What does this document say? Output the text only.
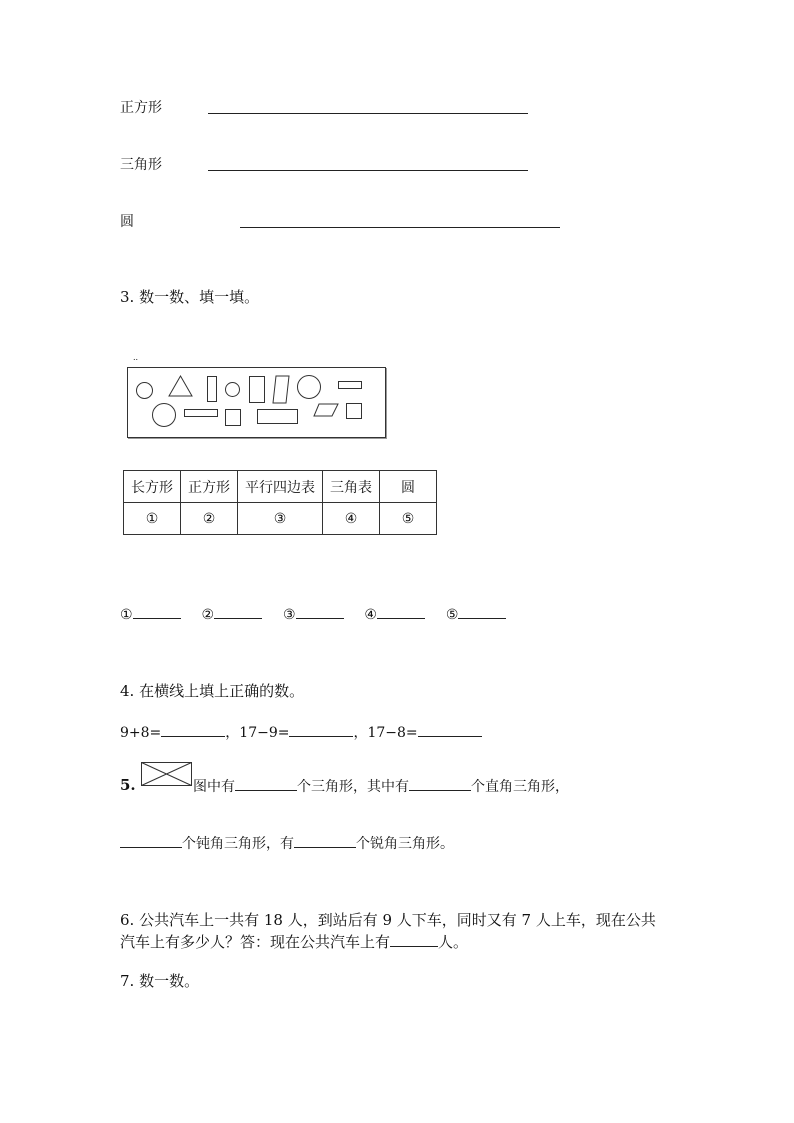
正方形
三角形
圆
3. 数一数、填一填。
..
长方形	正方形	平行四边表	三角表	圆
①	②	③	④	⑤
①	②	③	④	⑤
4. 在横线上填上正确的数。
9+8=	，17−9=	，17−8=
5.	图中有	个三角形，其中有	个直角三角形，
个钝角三角形，有	个锐角三角形。
6. 公共汽车上一共有 18 人，到站后有 9 人下车，同时又有 7 人上车，现在公共
汽车上有多少人？答：现在公共汽车上有	人。
7. 数一数。
